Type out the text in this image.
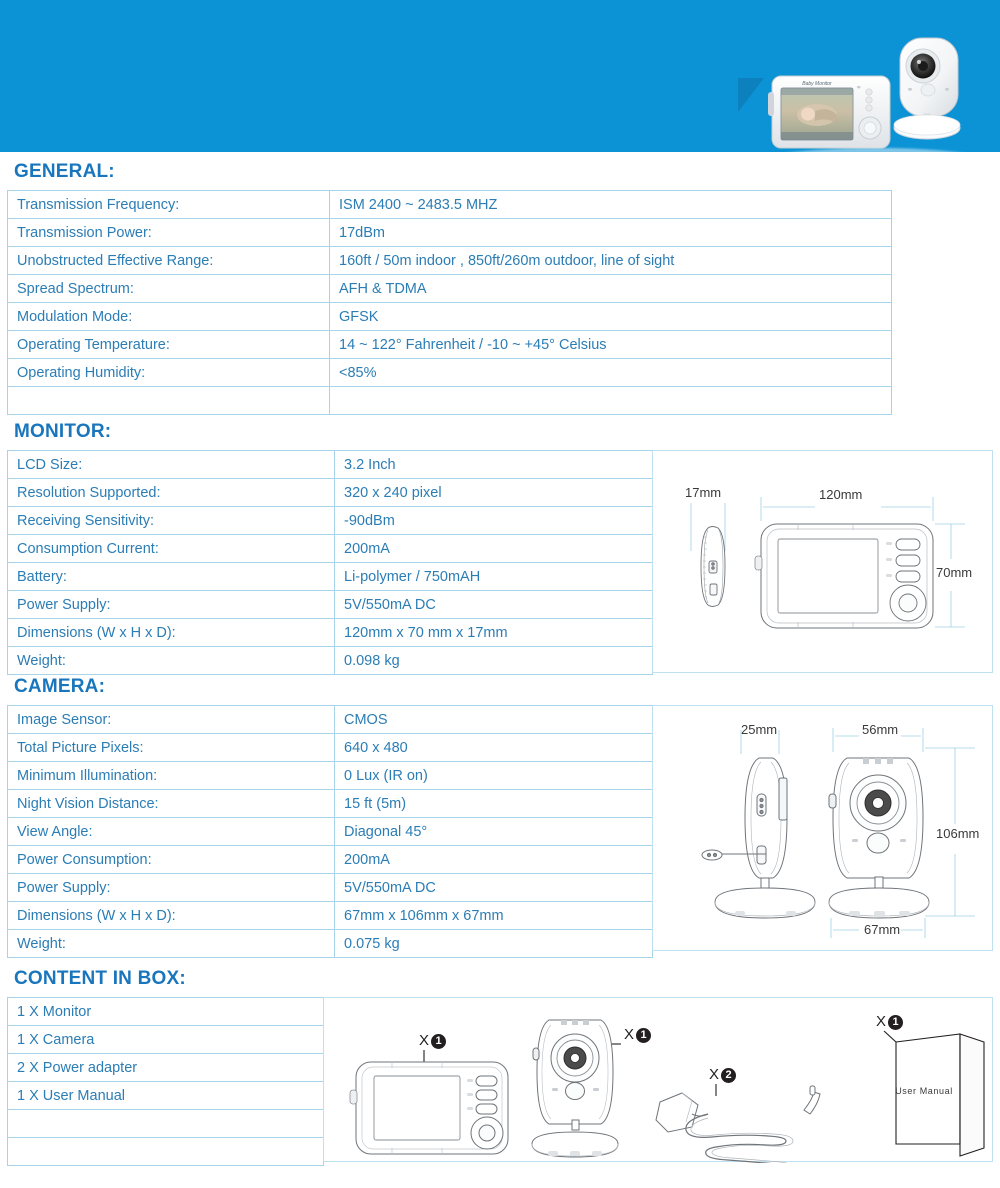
Baby Monitor
GENERAL:
Transmission Frequency:	ISM 2400 ~ 2483.5 MHZ
Transmission Power:	17dBm
Unobstructed Effective Range:	160ft / 50m indoor , 850ft/260m outdoor, line of sight
Spread Spectrum:	AFH & TDMA
Modulation Mode:	GFSK
Operating Temperature:	14 ~ 122° Fahrenheit / -10 ~ +45° Celsius
Operating Humidity:	<85%

MONITOR:
LCD Size:	3.2 Inch
Resolution Supported:	320 x 240 pixel
Receiving Sensitivity:	-90dBm
Consumption Current:	200mA
Battery:	Li-polymer / 750mAH
Power Supply:	5V/550mA DC
Dimensions (W x H x D):	120mm x 70 mm x 17mm
Weight:	0.098 kg
17mm	120mm
70mm
CAMERA:
Image Sensor:	CMOS
Total Picture Pixels:	640 x 480
Minimum Illumination:	0 Lux (IR on)
Night Vision Distance:	15 ft (5m)
View Angle:	Diagonal 45°
Power Consumption:	200mA
Power Supply:	5V/550mA DC
Dimensions (W x H x D):	67mm x 106mm x 67mm
Weight:	0.075 kg
25mm	56mm
106mm
67mm
CONTENT IN BOX:
1 X Monitor
1 X Camera
2 X Power adapter
1 X User Manual

X 1	X 1
X 2
X 1
User Manual
